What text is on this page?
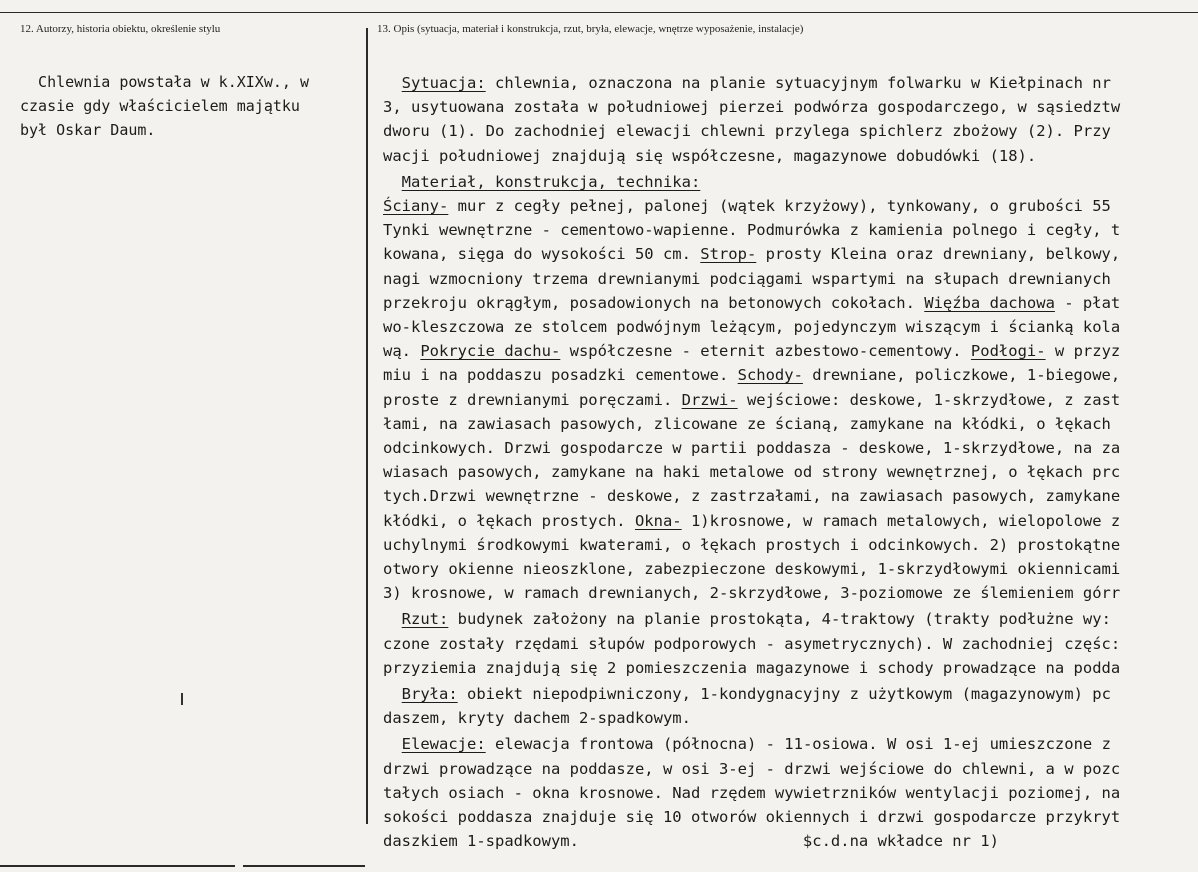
12. Autorzy, historia obiektu, określenie stylu	13. Opis (sytuacja, materiał i konstrukcja, rzut, bryła, elewacje, wnętrze wyposażenie, instalacje)
Chlewnia powstała w k.XIXw., w
czasie gdy właścicielem majątku
był Oskar Daum.
Sytuacja: chlewnia, oznaczona na planie sytuacyjnym folwarku w Kiełpinach nr
3, usytuowana została w południowej pierzei podwórza gospodarczego, w sąsiedztw
dworu (1). Do zachodniej elewacji chlewni przylega spichlerz zbożowy (2). Przy
wacji południowej znajdują się współczesne, magazynowe dobudówki (18).
Materiał, konstrukcja, technika:
Ściany- mur z cegły pełnej, palonej (wątek krzyżowy), tynkowany, o grubości 55
Tynki wewnętrzne - cementowo-wapienne. Podmurówka z kamienia polnego i cegły, t
kowana, sięga do wysokości 50 cm. Strop- prosty Kleina oraz drewniany, belkowy,
nagi wzmocniony trzema drewnianymi podciągami wspartymi na słupach drewnianych
przekroju okrągłym, posadowionych na betonowych cokołach. Więźba dachowa - płat
wo-kleszczowa ze stolcem podwójnym leżącym, pojedynczym wiszącym i ścianką kola
wą. Pokrycie dachu- współczesne - eternit azbestowo-cementowy. Podłogi- w przyz
miu i na poddaszu posadzki cementowe. Schody- drewniane, policzkowe, 1-biegowe,
proste z drewnianymi poręczami. Drzwi- wejściowe: deskowe, 1-skrzydłowe, z zast
łami, na zawiasach pasowych, zlicowane ze ścianą, zamykane na kłódki, o łękach
odcinkowych. Drzwi gospodarcze w partii poddasza - deskowe, 1-skrzydłowe, na za
wiasach pasowych, zamykane na haki metalowe od strony wewnętrznej, o łękach prc
tych.Drzwi wewnętrzne - deskowe, z zastrzałami, na zawiasach pasowych, zamykane
kłódki, o łękach prostych. Okna- 1)krosnowe, w ramach metalowych, wielopolowe z
uchylnymi środkowymi kwaterami, o łękach prostych i odcinkowych. 2) prostokątne
otwory okienne nieoszklone, zabezpieczone deskowymi, 1-skrzydłowymi okiennicami
3) krosnowe, w ramach drewnianych, 2-skrzydłowe, 3-poziomowe ze ślemieniem górr
Rzut: budynek założony na planie prostokąta, 4-traktowy (trakty podłużne wy:
czone zostały rzędami słupów podporowych - asymetrycznych). W zachodniej częśc:
przyziemia znajdują się 2 pomieszczenia magazynowe i schody prowadzące na podda
Bryła: obiekt niepodpiwniczony, 1-kondygnacyjny z użytkowym (magazynowym) pc
daszem, kryty dachem 2-spadkowym.
Elewacje: elewacja frontowa (północna) - 11-osiowa. W osi 1-ej umieszczone z
drzwi prowadzące na poddasze, w osi 3-ej - drzwi wejściowe do chlewni, a w pozc
tałych osiach - okna krosnowe. Nad rzędem wywietrzników wentylacji poziomej, na
sokości poddasza znajduje się 10 otworów okiennych i drzwi gospodarcze przykryt
daszkiem 1-spadkowym.                        $c.d.na wkładce nr 1)
